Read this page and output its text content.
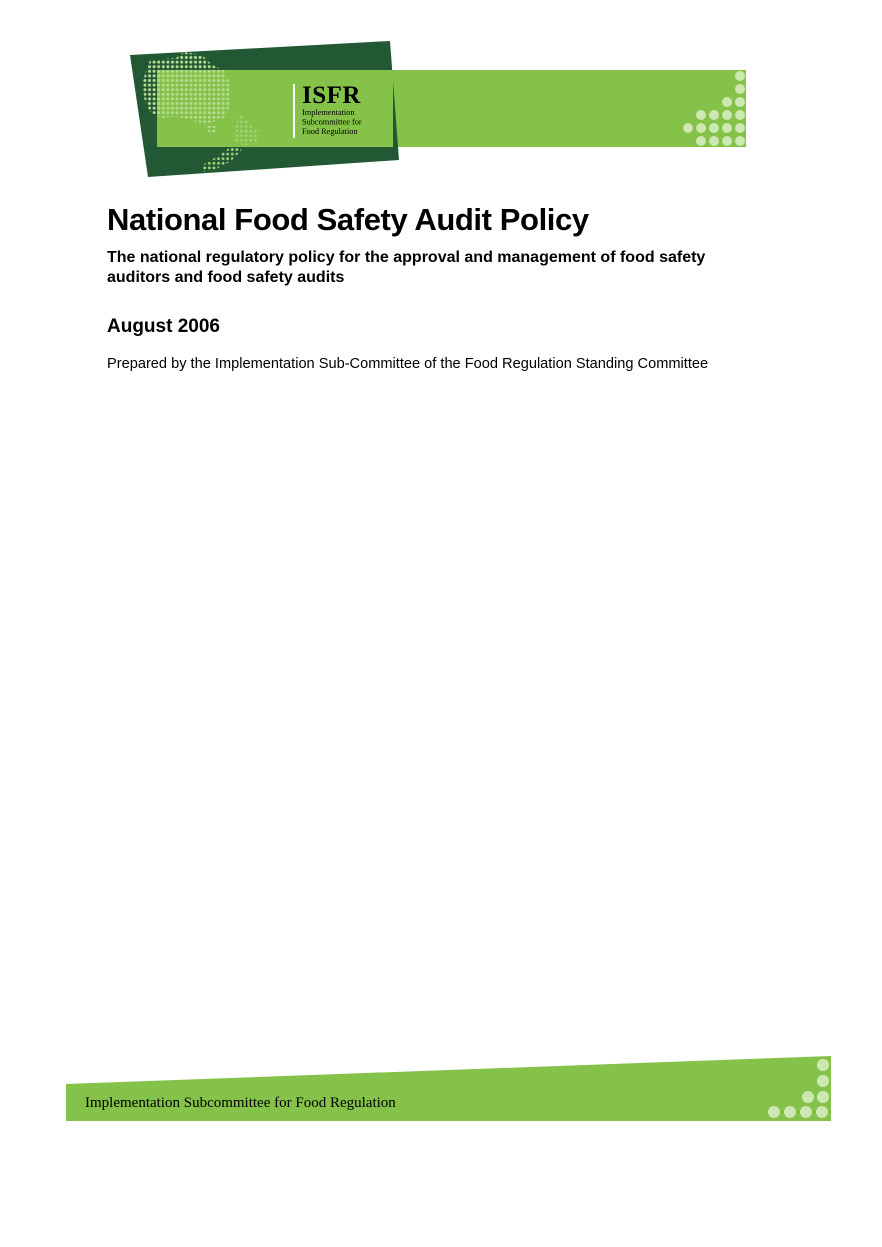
ISFR
Implementation
Subcommittee for
Food Regulation
National Food Safety Audit Policy

The national regulatory policy for the approval and management of food safety auditors and food safety audits

August 2006

Prepared by the Implementation Sub-Committee of the Food Regulation Standing Committee

Implementation Subcommittee for Food Regulation
